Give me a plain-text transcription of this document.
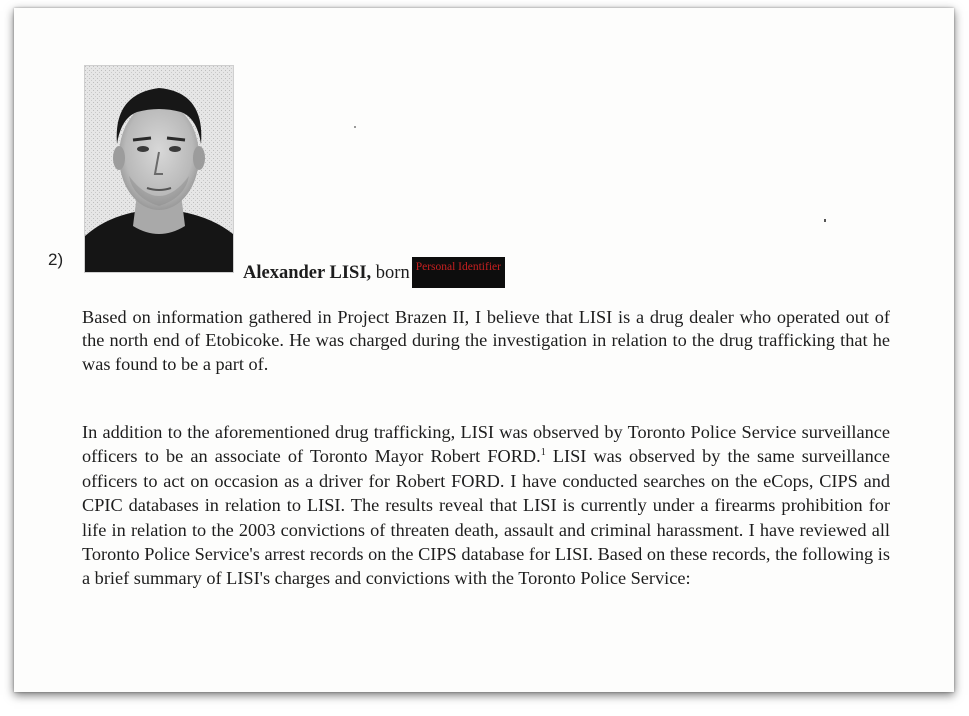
2)
Alexander LISI,
born Personal Identifier

Based on information gathered in Project Brazen II, I believe that LISI is a drug dealer who operated out of the north end of Etobicoke. He was charged during the investigation in relation to the drug trafficking that he was found to be a part of.

In addition to the aforementioned drug trafficking, LISI was observed by Toronto Police Service surveillance officers to be an associate of Toronto Mayor Robert FORD.$^1$ LISI was observed by the same surveillance officers to act on occasion as a driver for Robert FORD. I have conducted searches on the eCops, CIPS and CPIC databases in relation to LISI. The results reveal that LISI is currently under a firearms prohibition for life in relation to the 2003 convictions of threaten death, assault and criminal harassment. I have reviewed all Toronto Police Service's arrest records on the CIPS database for LISI. Based on these records, the following is a brief summary of LISI's charges and convictions with the Toronto Police Service:
